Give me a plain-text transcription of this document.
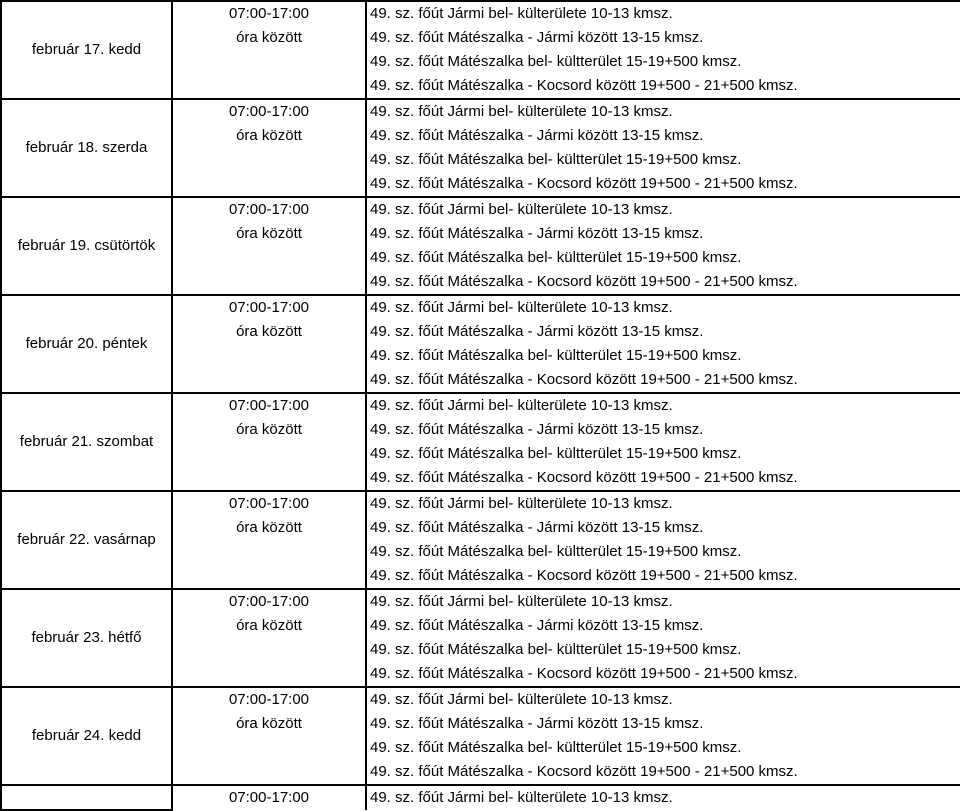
február 17. kedd	07:00-17:00	49. sz. főút Jármi bel- külterülete 10-13 kmsz.
	óra között	49. sz. főút Mátészalka - Jármi között 13-15 kmsz.
		49. sz. főút Mátészalka bel- kültterület 15-19+500 kmsz.
		49. sz. főút Mátészalka - Kocsord között 19+500 - 21+500 kmsz.
február 18. szerda	07:00-17:00	49. sz. főút Jármi bel- külterülete 10-13 kmsz.
	óra között	49. sz. főút Mátészalka - Jármi között 13-15 kmsz.
		49. sz. főút Mátészalka bel- kültterület 15-19+500 kmsz.
		49. sz. főút Mátészalka - Kocsord között 19+500 - 21+500 kmsz.
február 19. csütörtök	07:00-17:00	49. sz. főút Jármi bel- külterülete 10-13 kmsz.
	óra között	49. sz. főút Mátészalka - Jármi között 13-15 kmsz.
		49. sz. főút Mátészalka bel- kültterület 15-19+500 kmsz.
		49. sz. főút Mátészalka - Kocsord között 19+500 - 21+500 kmsz.
február 20. péntek	07:00-17:00	49. sz. főút Jármi bel- külterülete 10-13 kmsz.
	óra között	49. sz. főút Mátészalka - Jármi között 13-15 kmsz.
		49. sz. főút Mátészalka bel- kültterület 15-19+500 kmsz.
		49. sz. főút Mátészalka - Kocsord között 19+500 - 21+500 kmsz.
február 21. szombat	07:00-17:00	49. sz. főút Jármi bel- külterülete 10-13 kmsz.
	óra között	49. sz. főút Mátészalka - Jármi között 13-15 kmsz.
		49. sz. főút Mátészalka bel- kültterület 15-19+500 kmsz.
		49. sz. főút Mátészalka - Kocsord között 19+500 - 21+500 kmsz.
február 22. vasárnap	07:00-17:00	49. sz. főút Jármi bel- külterülete 10-13 kmsz.
	óra között	49. sz. főút Mátészalka - Jármi között 13-15 kmsz.
		49. sz. főút Mátészalka bel- kültterület 15-19+500 kmsz.
		49. sz. főút Mátészalka - Kocsord között 19+500 - 21+500 kmsz.
február 23. hétfő	07:00-17:00	49. sz. főút Jármi bel- külterülete 10-13 kmsz.
	óra között	49. sz. főút Mátészalka - Jármi között 13-15 kmsz.
		49. sz. főút Mátészalka bel- kültterület 15-19+500 kmsz.
		49. sz. főút Mátészalka - Kocsord között 19+500 - 21+500 kmsz.
február 24. kedd	07:00-17:00	49. sz. főút Jármi bel- külterülete 10-13 kmsz.
	óra között	49. sz. főút Mátészalka - Jármi között 13-15 kmsz.
		49. sz. főút Mátészalka bel- kültterület 15-19+500 kmsz.
		49. sz. főút Mátészalka - Kocsord között 19+500 - 21+500 kmsz.
	07:00-17:00	49. sz. főút Jármi bel- külterülete 10-13 kmsz.
